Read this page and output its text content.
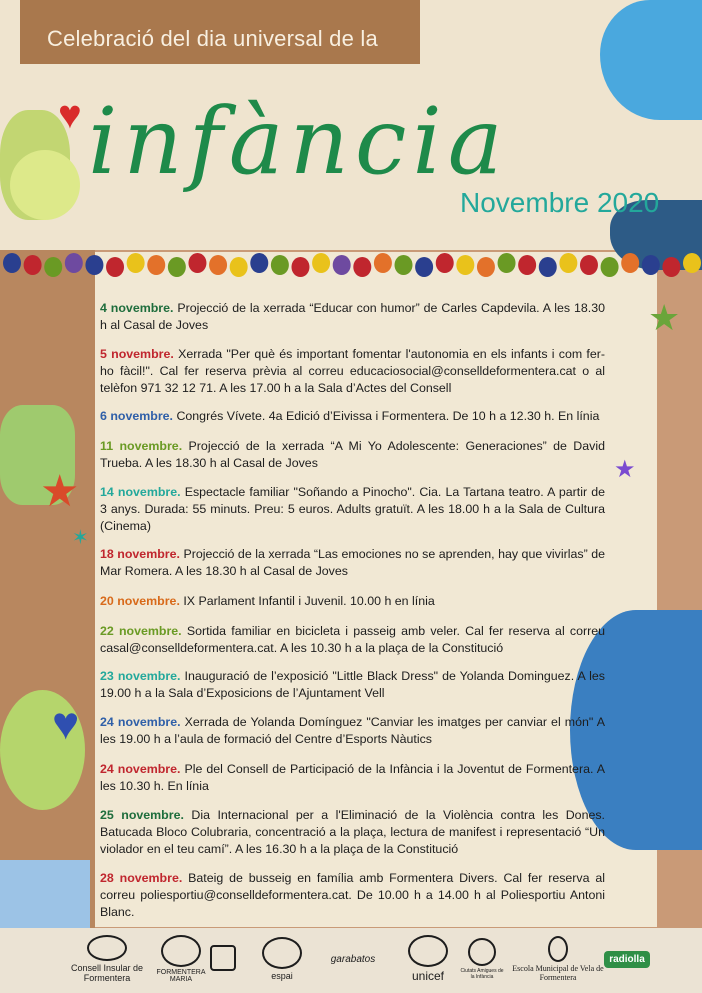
♥
♥
★
★
★
✶
Celebració del dia universal de la
infància
Novembre 2020
4 novembre. Projecció de la xerrada “Educar con humor” de Carles Capdevila. A les 18.30 h al Casal de Joves
5 novembre. Xerrada "Per què és important fomentar l'autonomia en els infants i com fer-ho fàcil!". Cal fer reserva prèvia al correu educaciosocial@conselldeformentera.cat o al telèfon 971 32 12 71. A les 17.00 h a la Sala d’Actes del Consell
6 novembre. Congrés Vívete. 4a Edició d’Eivissa i Formentera. De 10 h a 12.30 h. En línia
11 novembre. Projecció de la xerrada “A Mi Yo Adolescente: Generaciones” de David Trueba. A les 18.30 h al Casal de Joves
14 novembre. Espectacle familiar "Soñando a Pinocho". Cia. La Tartana teatro. A partir de 3 anys. Durada: 55 minuts. Preu: 5 euros. Adults gratuït. A les 18.00 h a la Sala de Cultura (Cinema)
18 novembre. Projecció de la xerrada “Las emociones no se aprenden, hay que vivirlas” de Mar Romera. A les 18.30 h al Casal de Joves
20 novembre. IX Parlament Infantil i Juvenil. 10.00 h en línia
22 novembre. Sortida familiar en bicicleta i passeig amb veler. Cal fer reserva al correu casal@conselldeformentera.cat. A les 10.30 h a la plaça de la Constitució
23 novembre. Inauguració de l’exposició "Little Black Dress" de Yolanda Dominguez. A les 19.00 h a la Sala d’Exposicions de l’Ajuntament Vell
24 novembre. Xerrada de Yolanda Domínguez "Canviar les imatges per canviar el món" A les 19.00 h a l’aula de formació del Centre d’Esports Nàutics
24 novembre. Ple del Consell de Participació de la Infància i la Joventut de Formentera. A les 10.30 h. En línia
25 novembre. Dia Internacional per a l'Eliminació de la Violència contra les Dones. Batucada Bloco Colubraria, concentració a la plaça, lectura de manifest i representació “Un violador en el teu camí”. A les 16.30 h a la plaça de la Constitució
28 novembre. Bateig de busseig en família amb Formentera Divers. Cal fer reserva al correu poliesportiu@conselldeformentera.cat. De 10.00 h a 14.00 h al Poliesportiu Antoni Blanc.
Consell Insular de Formentera
FORMENTERA MARIA	espai
garabatos
unicef	Ciutats Amigues de la Infància
Escola Municipal de Vela de Formentera
radiolla
